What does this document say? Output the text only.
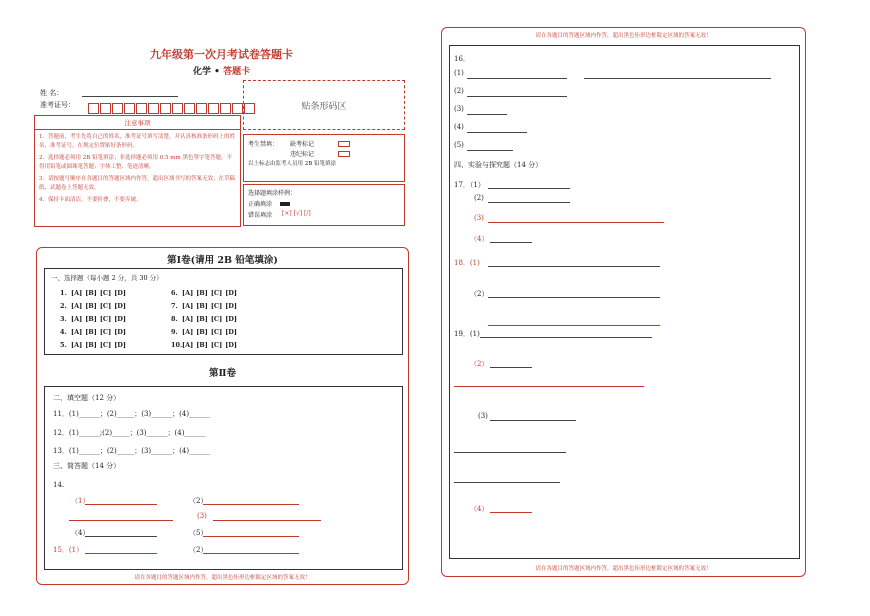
九年级第一次月考试卷答题卡
化学 • 答题卡
姓 名：
准考证号：	贴条形码区
注意事项
1．答题前，考生先将自己的姓名，准考证号填写清楚，并认真核准条形码上的姓名、准考证号，在规定位置贴好条形码。
2．选择题必须用 2B 铅笔填涂；非选择题必须用 0.5 mm 黑色签字笔答题，不得用铅笔或圆珠笔答题；字体工整、笔迹清晰。
3．请按题号顺序在各题目的答题区域内作答，超出区域书写的答案无效；在草稿纸、试题卷上答题无效。
4．保持卡面清洁，不要折叠，不要弄破。
考生禁填： 缺考标记
违纪标记
以上标志由监考人员用 2B 铅笔填涂
选择题填涂样例：
正确填涂
错误填涂 [×] [√] [/]
第Ⅰ卷(请用 2B 铅笔填涂)
一、选择题（每小题 2 分，共 30 分）
1. [A] [B] [C] [D]
2. [A] [B] [C] [D]
3. [A] [B] [C] [D]
4. [A] [B] [C] [D]
5. [A] [B] [C] [D]
6. [A] [B] [C] [D]
7. [A] [B] [C] [D]
8. [A] [B] [C] [D]
9. [A] [B] [C] [D]
10. [A] [B] [C] [D]
第Ⅱ卷
二、填空题（12 分）
11．(1)______；(2)_____；(3)______；(4)______
12．(1)______;(2)_____；(3)______；(4)______
13．(1)______；(2)_____；(3)______；(4)______
三、简答题（14 分）
14.
（1）	（2）
(3)
（4）	（5）
15．(1）	（2）
请在各题目的答题区域内作答，超出黑色矩形边框限定区域的答案无效！
请在各题目的答题区域内作答，超出黑色矩形边框限定区域的答案无效！
16．
(1)
(2)
(3)
(4)
(5)
四、实验与探究题（14 分）
17．（1）
(2)
(3)
（4）
18．(1)
（2）
19．(1)
（2）
(3)
（4）
请在各题目的答题区域内作答，超出黑色矩形边框限定区域的答案无效！
